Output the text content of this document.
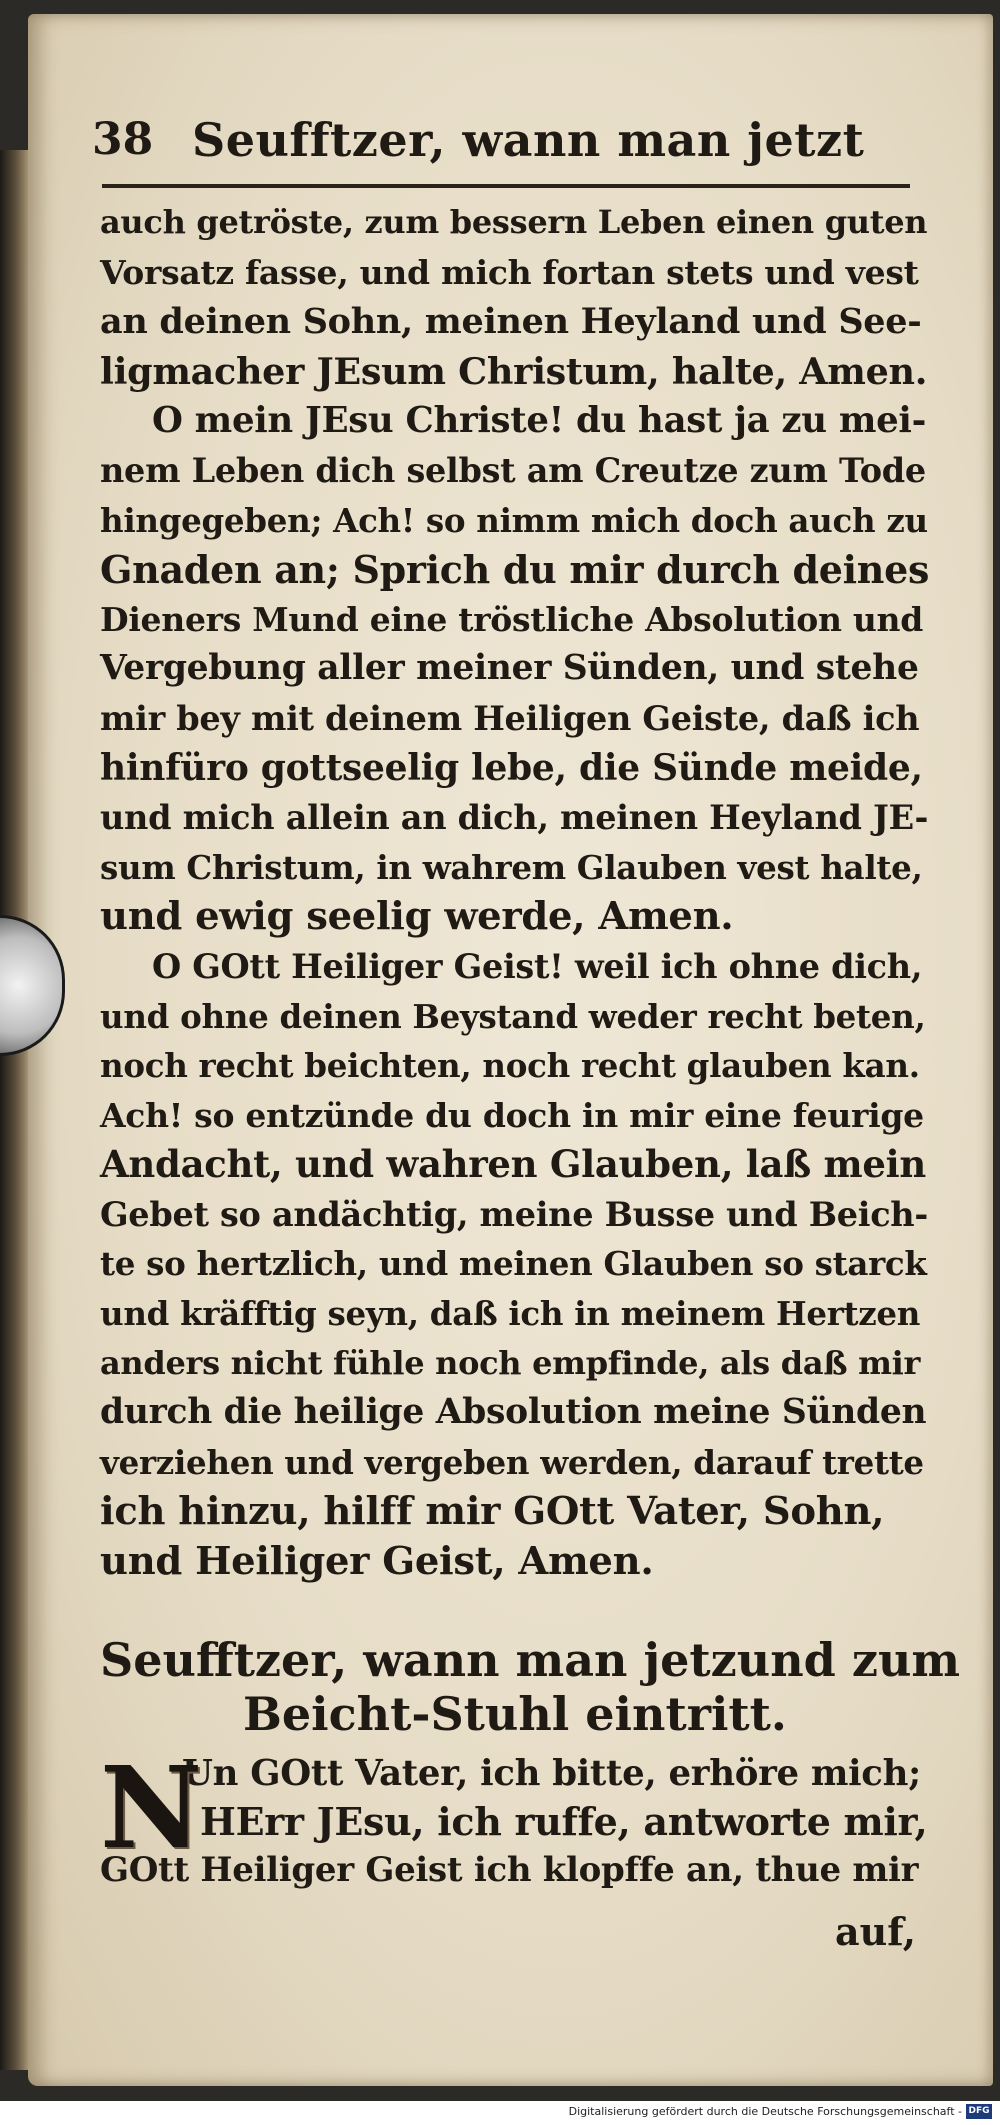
38 Seufftzer, wann man jetzt
auch getröste, zum bessern Leben einen guten
Vorsatz fasse, und mich fortan stets und vest
an deinen Sohn, meinen Heyland und See-
ligmacher JEsum Christum, halte, Amen.
O mein JEsu Christe! du hast ja zu mei-
nem Leben dich selbst am Creutze zum Tode
hingegeben; Ach! so nimm mich doch auch zu
Gnaden an; Sprich du mir durch deines
Dieners Mund eine tröstliche Absolution und
Vergebung aller meiner Sünden, und stehe
mir bey mit deinem Heiligen Geiste, daß ich
hinfüro gottseelig lebe, die Sünde meide,
und mich allein an dich, meinen Heyland JE-
sum Christum, in wahrem Glauben vest halte,
und ewig seelig werde, Amen.
O GOtt Heiliger Geist! weil ich ohne dich,
und ohne deinen Beystand weder recht beten,
noch recht beichten, noch recht glauben kan.
Ach! so entzünde du doch in mir eine feurige
Andacht, und wahren Glauben, laß mein
Gebet so andächtig, meine Busse und Beich-
te so hertzlich, und meinen Glauben so starck
und kräfftig seyn, daß ich in meinem Hertzen
anders nicht fühle noch empfinde, als daß mir
durch die heilige Absolution meine Sünden
verziehen und vergeben werden, darauf trette
ich hinzu, hilff mir GOtt Vater, Sohn,
und Heiliger Geist, Amen.
Seufftzer, wann man jetzund zum
Beicht-Stuhl eintritt.
N
Un GOtt Vater, ich bitte, erhöre mich;
HErr JEsu, ich ruffe, antworte mir,
GOtt Heiliger Geist ich klopffe an, thue mir
auf,
Digitalisierung gefördert durch die Deutsche Forschungsgemeinschaft - DFG
